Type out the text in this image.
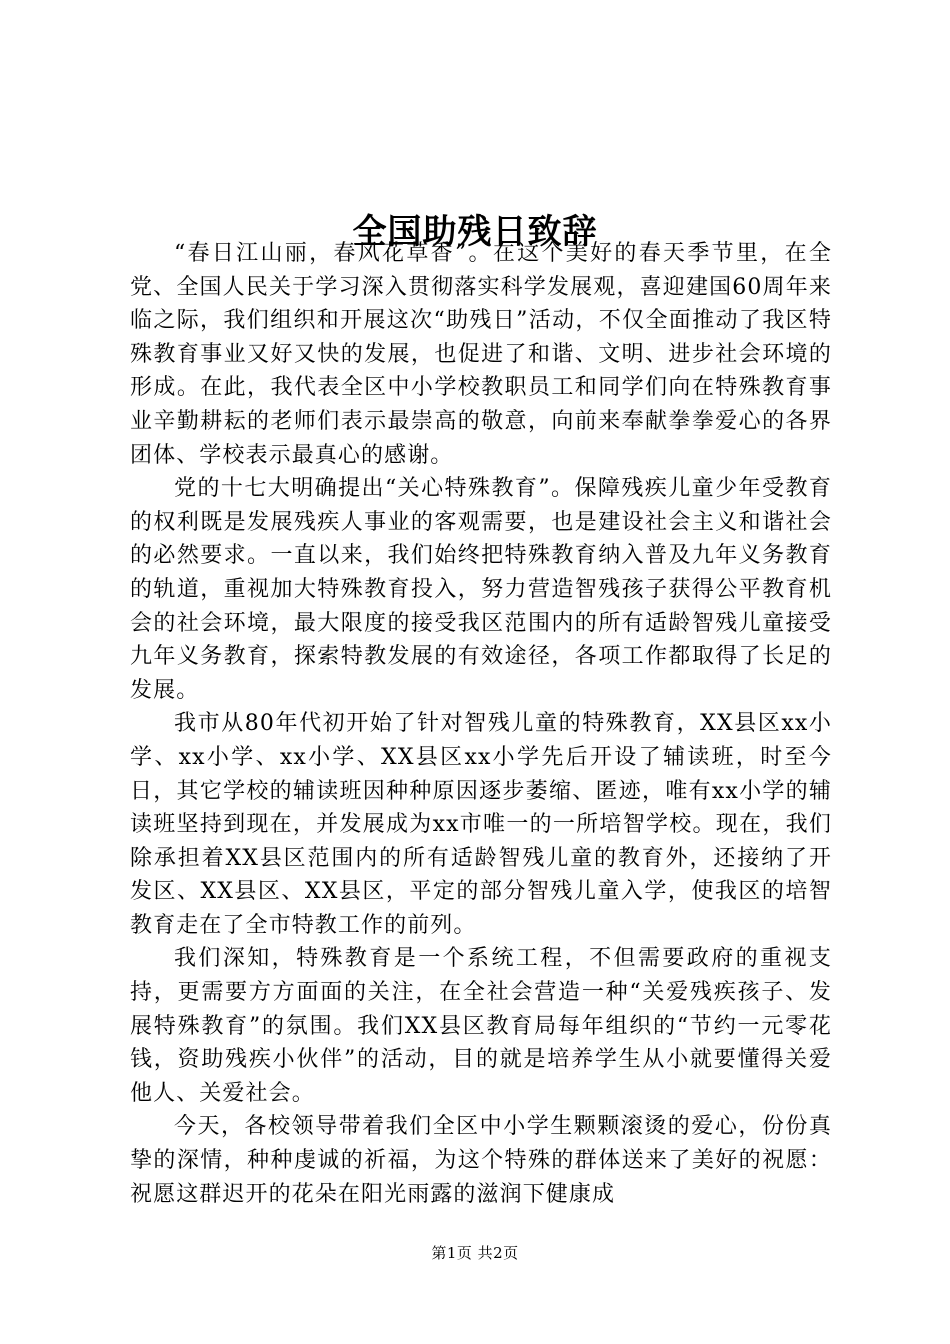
全国助残日致辞

“春日江山丽，春风花草香”。在这个美好的春天季节里，在全党、全国人民关于学习深入贯彻落实科学发展观，喜迎建国60周年来临之际，我们组织和开展这次“助残日”活动，不仅全面推动了我区特殊教育事业又好又快的发展，也促进了和谐、文明、进步社会环境的形成。在此，我代表全区中小学校教职员工和同学们向在特殊教育事业辛勤耕耘的老师们表示最崇高的敬意，向前来奉献拳拳爱心的各界团体、学校表示最真心的感谢。

党的十七大明确提出“关心特殊教育”。保障残疾儿童少年受教育的权利既是发展残疾人事业的客观需要，也是建设社会主义和谐社会的必然要求。一直以来，我们始终把特殊教育纳入普及九年义务教育的轨道，重视加大特殊教育投入，努力营造智残孩子获得公平教育机会的社会环境，最大限度的接受我区范围内的所有适龄智残儿童接受九年义务教育，探索特教发展的有效途径，各项工作都取得了长足的发展。

我市从80年代初开始了针对智残儿童的特殊教育，XX县区xx小学、xx小学、xx小学、XX县区xx小学先后开设了辅读班，时至今日，其它学校的辅读班因种种原因逐步萎缩、匿迹，唯有xx小学的辅读班坚持到现在，并发展成为xx市唯一的一所培智学校。现在，我们除承担着XX县区范围内的所有适龄智残儿童的教育外，还接纳了开发区、XX县区、XX县区，平定的部分智残儿童入学，使我区的培智教育走在了全市特教工作的前列。

我们深知，特殊教育是一个系统工程，不但需要政府的重视支持，更需要方方面面的关注，在全社会营造一种“关爱残疾孩子、发展特殊教育”的氛围。我们XX县区教育局每年组织的“节约一元零花钱，资助残疾小伙伴”的活动，目的就是培养学生从小就要懂得关爱他人、关爱社会。

今天，各校领导带着我们全区中小学生颗颗滚烫的爱心，份份真挚的深情，种种虔诚的祈福，为这个特殊的群体送来了美好的祝愿：祝愿这群迟开的花朵在阳光雨露的滋润下健康成

第1页 共2页
